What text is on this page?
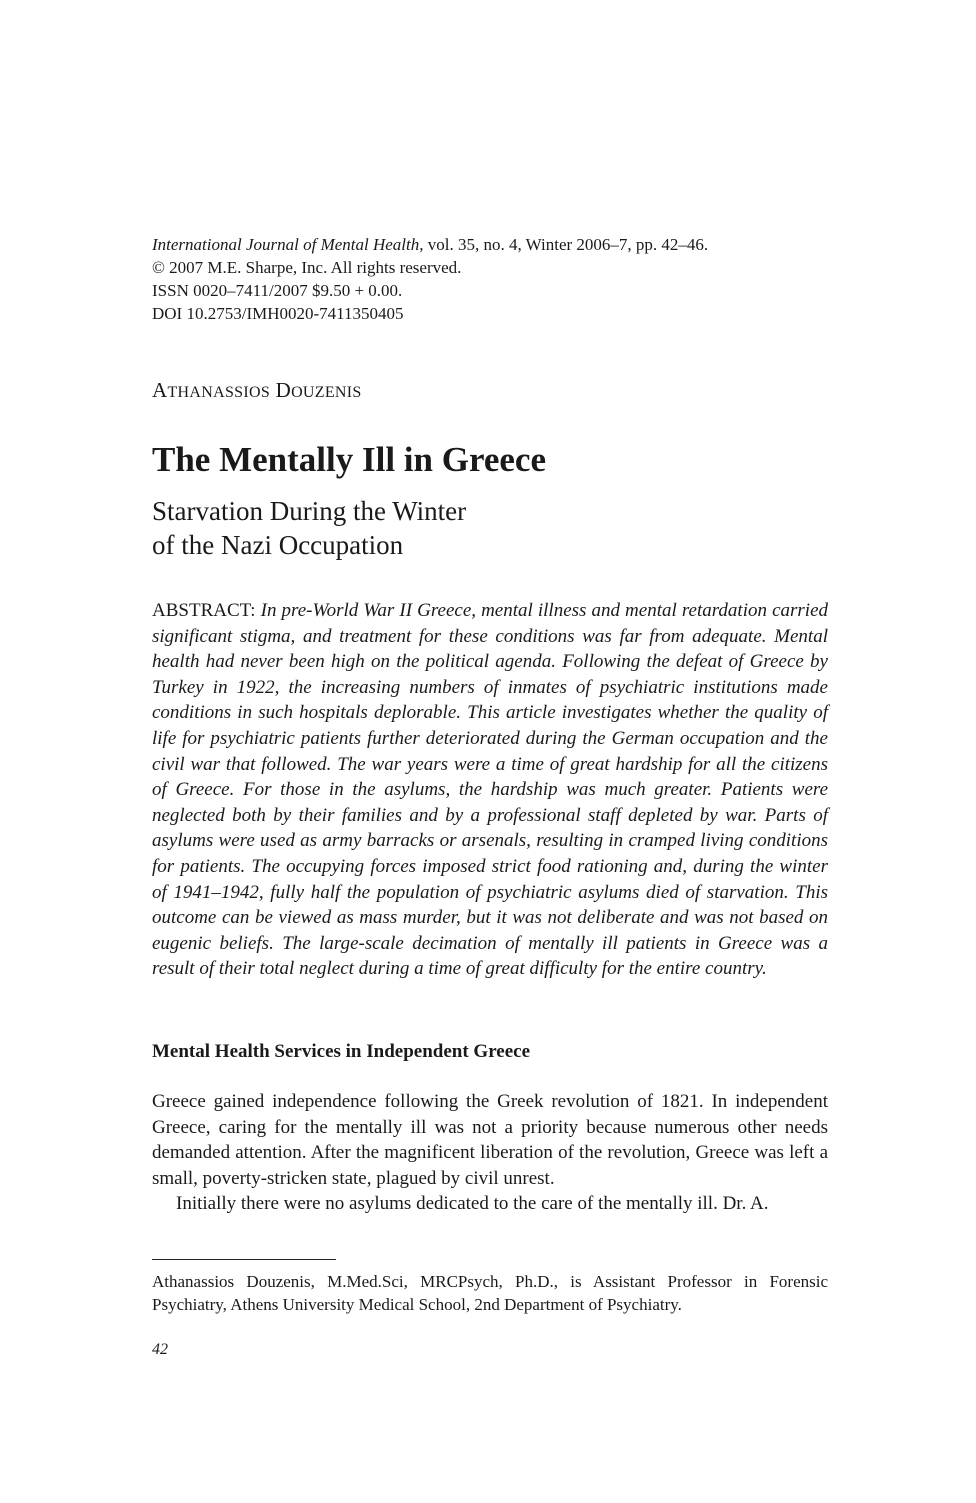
International Journal of Mental Health, vol. 35, no. 4, Winter 2006–7, pp. 42–46.
© 2007 M.E. Sharpe, Inc. All rights reserved.
ISSN 0020–7411/2007 $9.50 + 0.00.
DOI 10.2753/IMH0020-7411350405
ATHANASSIOS DOUZENIS
The Mentally Ill in Greece
Starvation During the Winter
of the Nazi Occupation
ABSTRACT: In pre-World War II Greece, mental illness and mental retardation carried significant stigma, and treatment for these conditions was far from adequate. Mental health had never been high on the political agenda. Following the defeat of Greece by Turkey in 1922, the increasing numbers of inmates of psychiatric institutions made conditions in such hospitals deplorable. This article investigates whether the quality of life for psychiatric patients further deteriorated during the German occupation and the civil war that followed. The war years were a time of great hardship for all the citizens of Greece. For those in the asylums, the hardship was much greater. Patients were neglected both by their families and by a professional staff depleted by war. Parts of asylums were used as army barracks or arsenals, resulting in cramped living conditions for patients. The occupying forces imposed strict food rationing and, during the winter of 1941–1942, fully half the population of psychiatric asylums died of starvation. This outcome can be viewed as mass murder, but it was not deliberate and was not based on eugenic beliefs. The large-scale decimation of mentally ill patients in Greece was a result of their total neglect during a time of great difficulty for the entire country.
Mental Health Services in Independent Greece

Greece gained independence following the Greek revolution of 1821. In independent Greece, caring for the mentally ill was not a priority because numerous other needs demanded attention. After the magnificent liberation of the revolution, Greece was left a small, poverty-stricken state, plagued by civil unrest.

Initially there were no asylums dedicated to the care of the mentally ill. Dr. A.

Athanassios Douzenis, M.Med.Sci, MRCPsych, Ph.D., is Assistant Professor in Forensic Psychiatry, Athens University Medical School, 2nd Department of Psychiatry.
42
